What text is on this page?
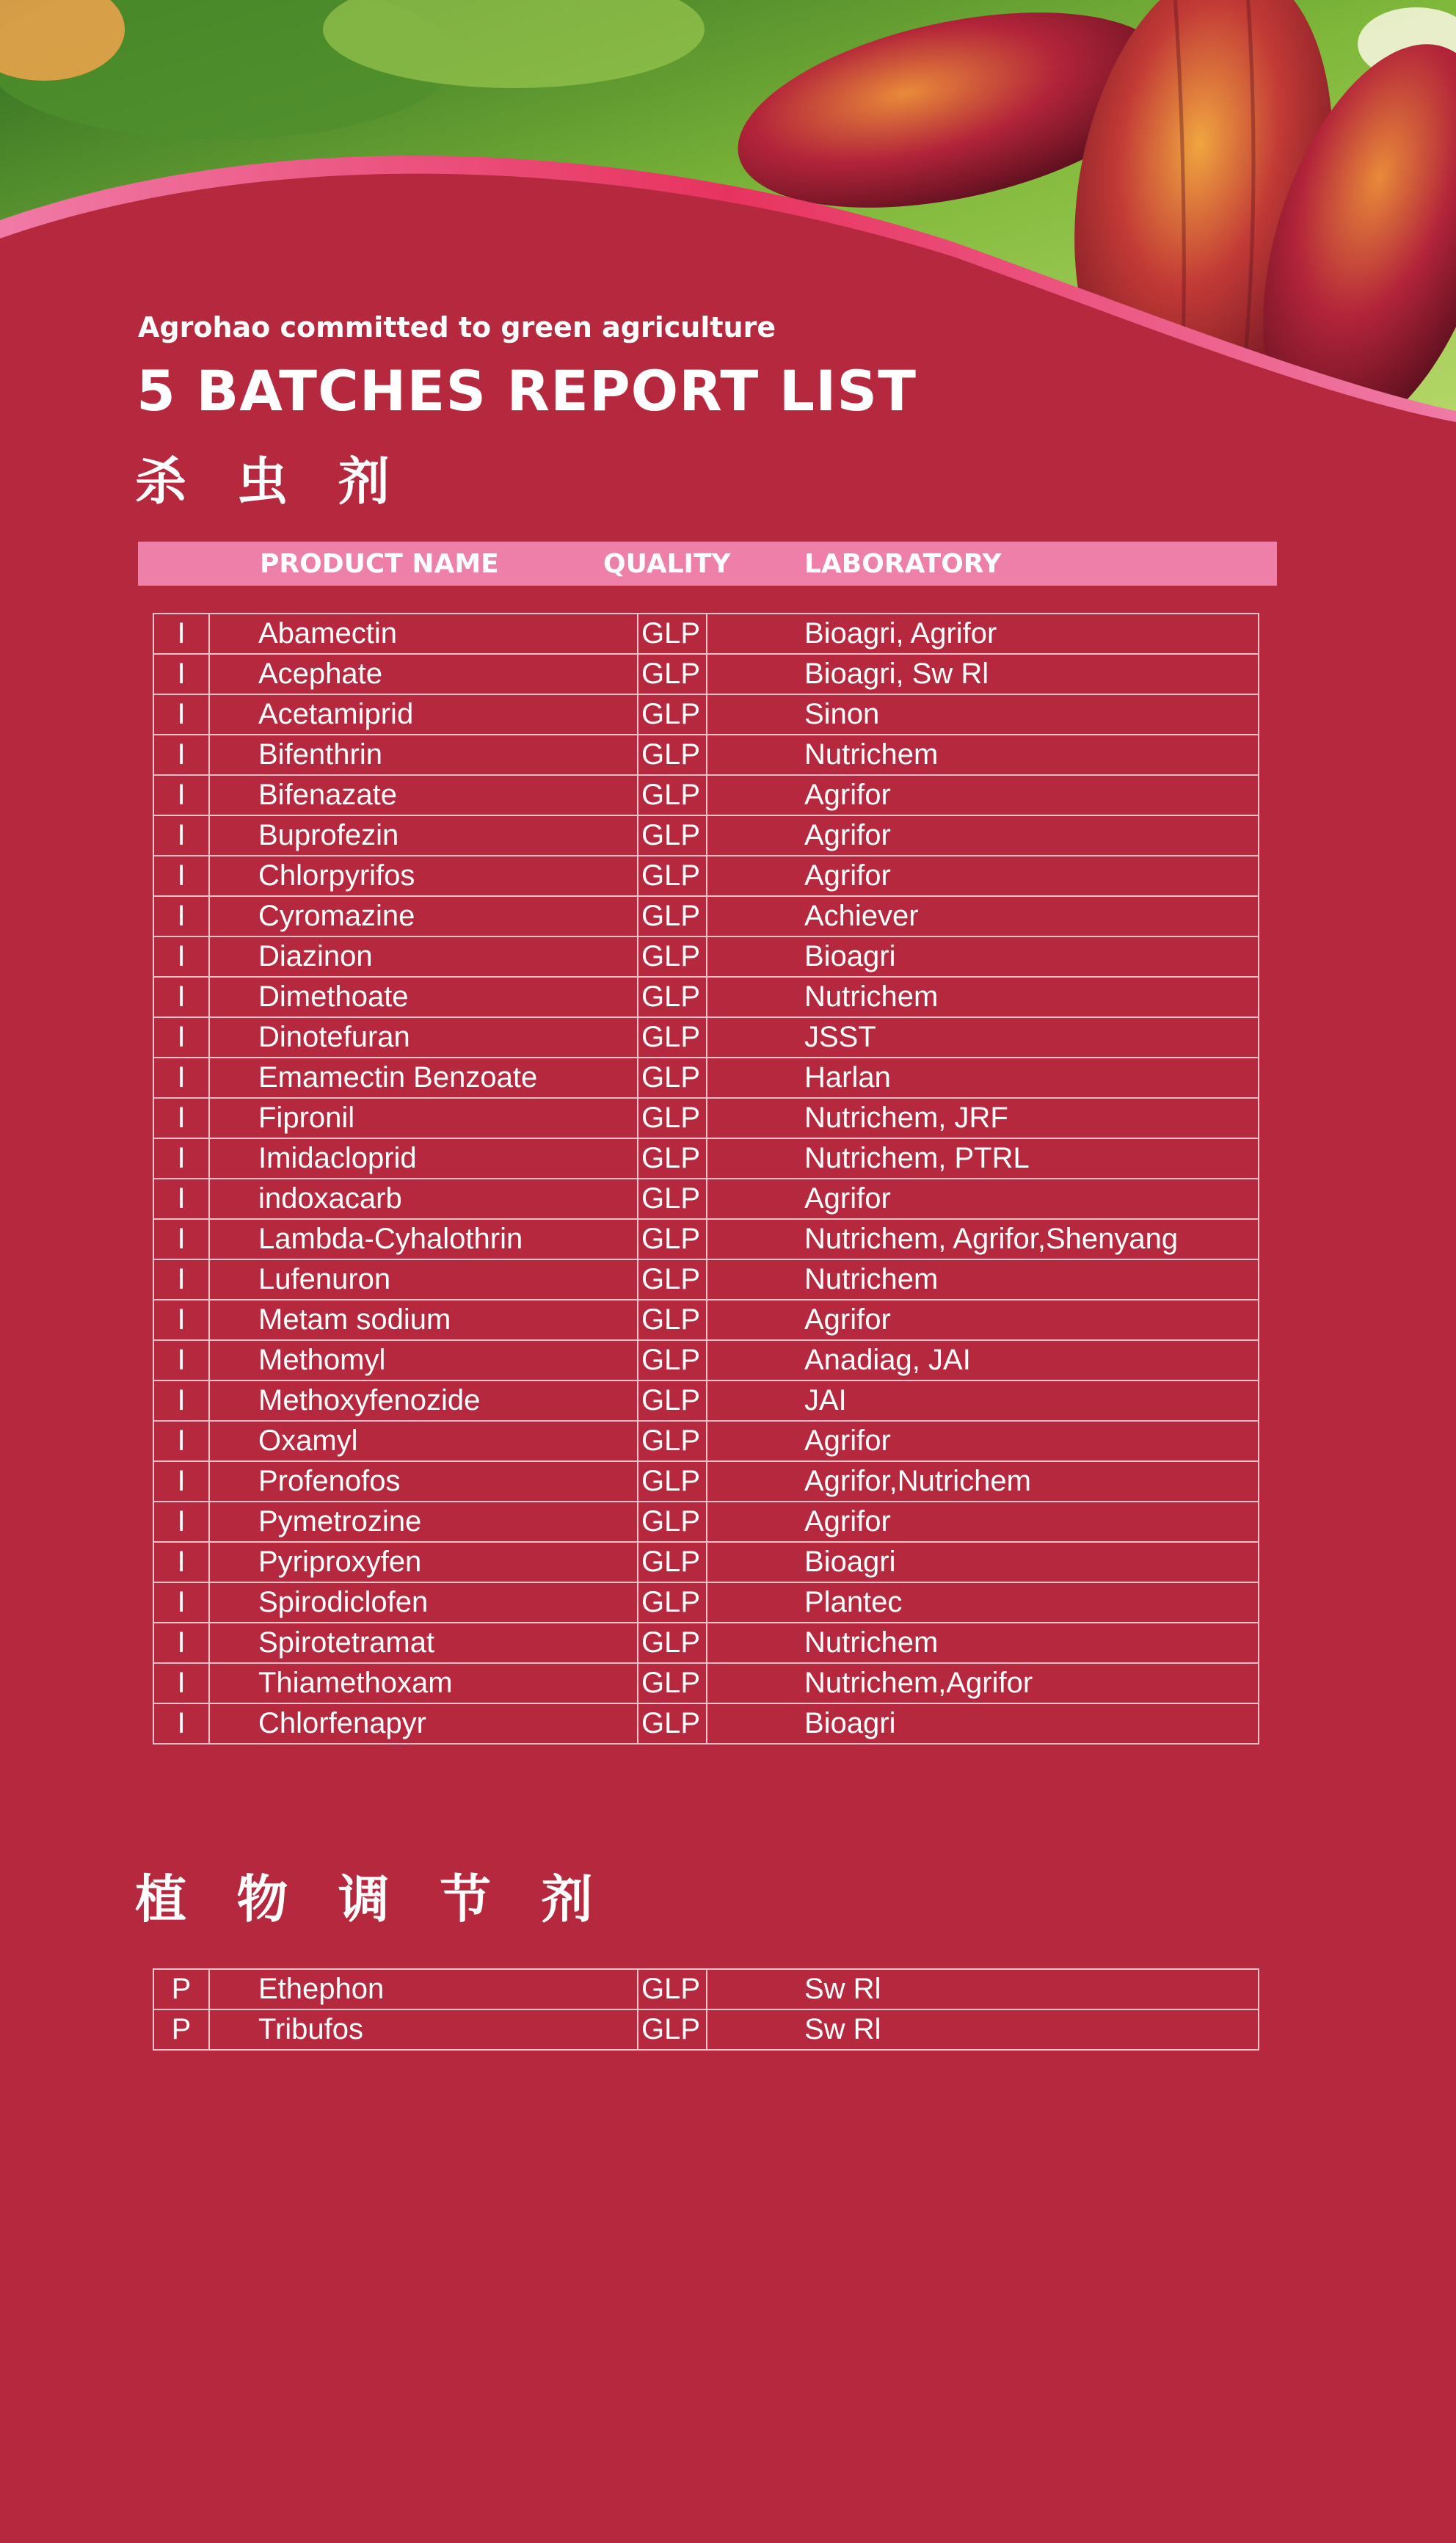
Agrohao committed to green agriculture
5 BATCHES REPORT LIST
杀 虫 剂
PRODUCT NAME	QUALITY	LABORATORY
I	Abamectin	GLP	Bioagri, Agrifor
I	Acephate	GLP	Bioagri, Sw Rl
I	Acetamiprid	GLP	Sinon
I	Bifenthrin	GLP	Nutrichem
I	Bifenazate	GLP	Agrifor
I	Buprofezin	GLP	Agrifor
I	Chlorpyrifos	GLP	Agrifor
I	Cyromazine	GLP	Achiever
I	Diazinon	GLP	Bioagri
I	Dimethoate	GLP	Nutrichem
I	Dinotefuran	GLP	JSST
I	Emamectin Benzoate	GLP	Harlan
I	Fipronil	GLP	Nutrichem, JRF
I	Imidacloprid	GLP	Nutrichem, PTRL
I	indoxacarb	GLP	Agrifor
I	Lambda-Cyhalothrin	GLP	Nutrichem, Agrifor,Shenyang
I	Lufenuron	GLP	Nutrichem
I	Metam sodium	GLP	Agrifor
I	Methomyl	GLP	Anadiag, JAI
I	Methoxyfenozide	GLP	JAI
I	Oxamyl	GLP	Agrifor
I	Profenofos	GLP	Agrifor,Nutrichem
I	Pymetrozine	GLP	Agrifor
I	Pyriproxyfen	GLP	Bioagri
I	Spirodiclofen	GLP	Plantec
I	Spirotetramat	GLP	Nutrichem
I	Thiamethoxam	GLP	Nutrichem,Agrifor
I	Chlorfenapyr	GLP	Bioagri
植 物 调 节 剂
P	Ethephon	GLP	Sw Rl
P	Tribufos	GLP	Sw Rl
